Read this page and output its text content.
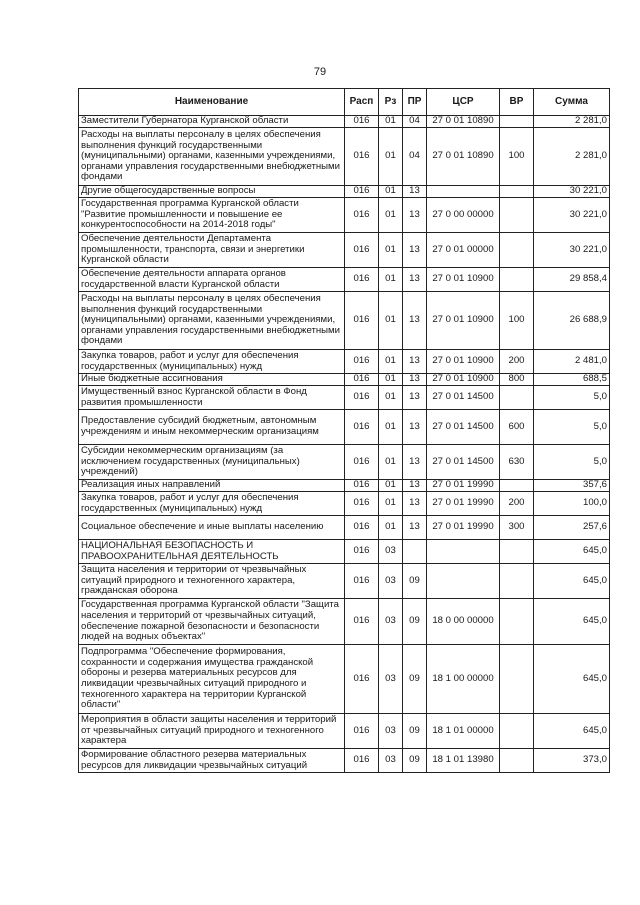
79
Наименование	Расп	Рз	ПР	ЦСР	ВР	Сумма
Заместители Губернатора Курганской области	016	01	04	27 0 01 10890		2 281,0
Расходы на выплаты персоналу в целях обеспечения выполнения функций государственными (муниципальными) органами, казенными учреждениями, органами управления государственными внебюджетными фондами	016	01	04	27 0 01 10890	100	2 281,0
Другие общегосударственные вопросы	016	01	13			30 221,0
Государственная программа Курганской области "Развитие промышленности и повышение ее конкурентоспособности на 2014-2018 годы"	016	01	13	27 0 00 00000		30 221,0
Обеспечение деятельности Департамента промышленности, транспорта, связи и энергетики Курганской области	016	01	13	27 0 01 00000		30 221,0
Обеспечение деятельности аппарата органов государственной власти Курганской области	016	01	13	27 0 01 10900		29 858,4
Расходы на выплаты персоналу в целях обеспечения выполнения функций государственными (муниципальными) органами, казенными учреждениями, органами управления государственными внебюджетными фондами	016	01	13	27 0 01 10900	100	26 688,9
Закупка товаров, работ и услуг для обеспечения государственных (муниципальных) нужд	016	01	13	27 0 01 10900	200	2 481,0
Иные бюджетные ассигнования	016	01	13	27 0 01 10900	800	688,5
Имущественный взнос Курганской области в Фонд развития промышленности	016	01	13	27 0 01 14500		5,0
Предоставление субсидий бюджетным, автономным учреждениям и иным некоммерческим организациям	016	01	13	27 0 01 14500	600	5,0
Субсидии некоммерческим организациям (за исключением государственных (муниципальных) учреждений)	016	01	13	27 0 01 14500	630	5,0
Реализация иных направлений	016	01	13	27 0 01 19990		357,6
Закупка товаров, работ и услуг для обеспечения государственных (муниципальных) нужд	016	01	13	27 0 01 19990	200	100,0
Социальное обеспечение и иные выплаты населению	016	01	13	27 0 01 19990	300	257,6
НАЦИОНАЛЬНАЯ БЕЗОПАСНОСТЬ И ПРАВООХРАНИТЕЛЬНАЯ ДЕЯТЕЛЬНОСТЬ	016	03				645,0
Защита населения и территории от чрезвычайных ситуаций природного и техногенного характера, гражданская оборона	016	03	09			645,0
Государственная программа Курганской области "Защита населения и территорий от чрезвычайных ситуаций, обеспечение пожарной безопасности и безопасности людей на водных объектах"	016	03	09	18 0 00 00000		645,0
Подпрограмма "Обеспечение формирования, сохранности и содержания имущества гражданской обороны и резерва материальных ресурсов для ликвидации чрезвычайных ситуаций природного и техногенного характера на территории Курганской области"	016	03	09	18 1 00 00000		645,0
Мероприятия в области защиты населения и территорий от чрезвычайных ситуаций природного и техногенного характера	016	03	09	18 1 01 00000		645,0
Формирование областного резерва материальных ресурсов для ликвидации чрезвычайных ситуаций	016	03	09	18 1 01 13980		373,0
